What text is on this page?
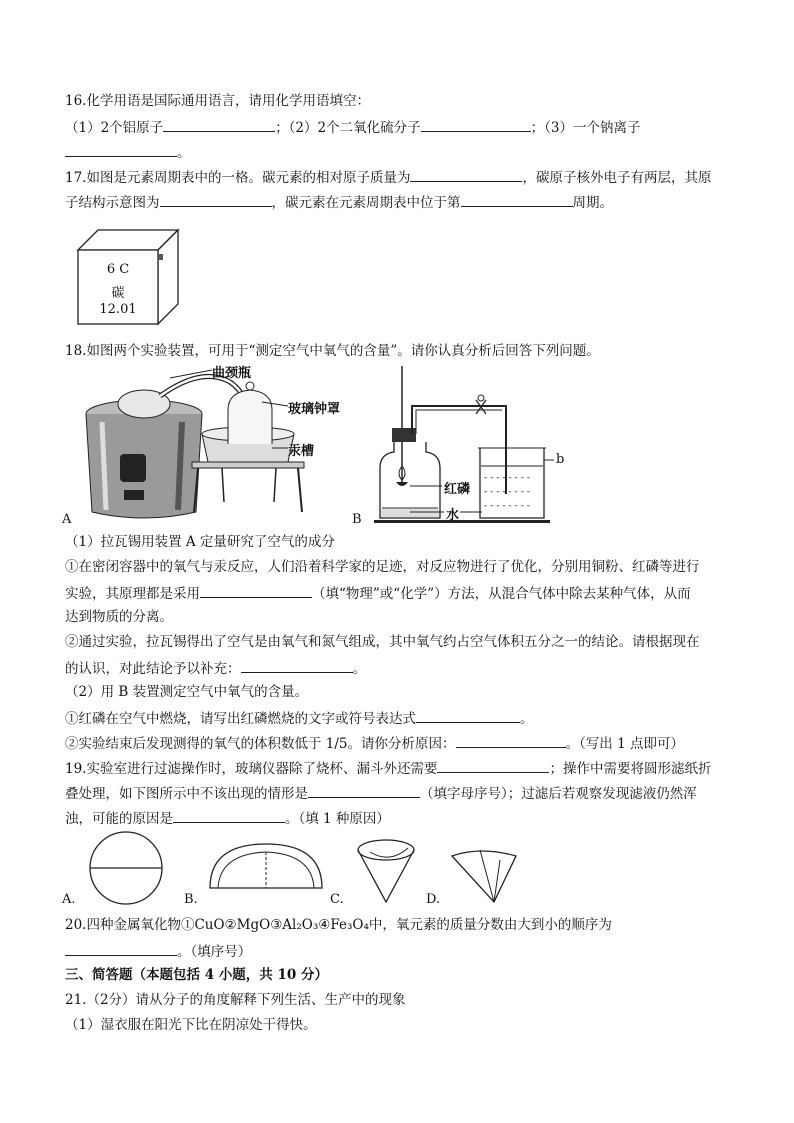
16.化学用语是国际通用语言，请用化学用语填空：
（1）2个铝原子	；（2）2个二氧化硫分子	；（3）一个钠离子
。
17.如图是元素周期表中的一格。碳元素的相对原子质量为	，碳原子核外电子有两层，其原
子结构示意图为	，碳元素在元素周期表中位于第	周期。
6 C
碳
12.01
18.如图两个实验装置，可用于“测定空气中氧气的含量”。请你认真分析后回答下列问题。
曲颈瓶
玻璃钟罩
汞槽
A
- - - - - - - -
- - - - - - - -
- - - - - - - -
红磷
水
b
B
（1）拉瓦锡用装置 A 定量研究了空气的成分
①在密闭容器中的氧气与汞反应，人们沿着科学家的足迹，对反应物进行了优化，分别用铜粉、红磷等进行
实验，其原理都是采用	（填“物理”或“化学”）方法，从混合气体中除去某种气体，从而
达到物质的分离。
②通过实验，拉瓦锡得出了空气是由氧气和氮气组成，其中氧气约占空气体积五分之一的结论。请根据现在
的认识，对此结论予以补充：	。
（2）用 B 装置测定空气中氧气的含量。
①红磷在空气中燃烧，请写出红磷燃烧的文字或符号表达式	。
②实验结束后发现测得的氧气的体积数低于 1/5。请你分析原因：	。（写出 1 点即可）
19.实验室进行过滤操作时，玻璃仪器除了烧杯、漏斗外还需要	；操作中需要将圆形滤纸折
叠处理，如下图所示中不该出现的情形是	（填字母序号）；过滤后若观察发现滤液仍然浑
浊，可能的原因是	。（填 1 种原因）
A.	B.	C.	D.
20.四种金属氧化物①CuO②MgO③Al₂O₃④Fe₃O₄中，氧元素的质量分数由大到小的顺序为
。（填序号）
三、简答题（本题包括 4 小题，共 10 分）
21.（2分）请从分子的角度解释下列生活、生产中的现象
（1）湿衣服在阳光下比在阴凉处干得快。
